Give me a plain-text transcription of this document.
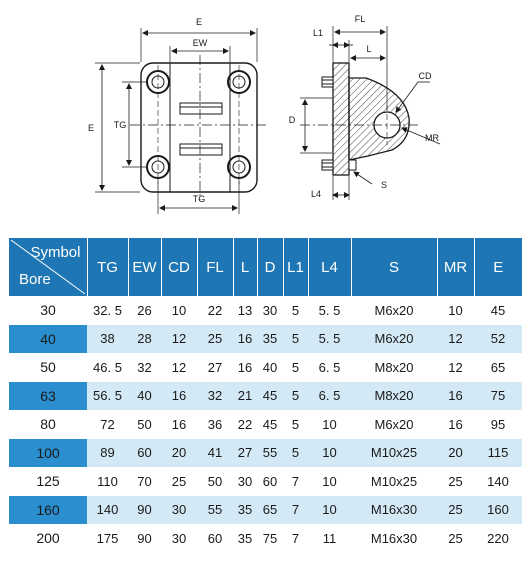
E
EW
E TG
TG
FL
L1
L
CD
D
MR
S
L4
Symbol
Bore	TG	EW	CD	FL	L	D	L1	L4	S	MR	E
30	32. 5	26	10	22	13	30	5	5. 5	M6x20	10	45
40	38	28	12	25	16	35	5	5. 5	M6x20	12	52
50	46. 5	32	12	27	16	40	5	6. 5	M8x20	12	65
63	56. 5	40	16	32	21	45	5	6. 5	M8x20	16	75
80	72	50	16	36	22	45	5	10	M6x20	16	95
100	89	60	20	41	27	55	5	10	M10x25	20	115
125	110	70	25	50	30	60	7	10	M10x25	25	140
160	140	90	30	55	35	65	7	10	M16x30	25	160
200	175	90	30	60	35	75	7	11	M16x30	25	220
